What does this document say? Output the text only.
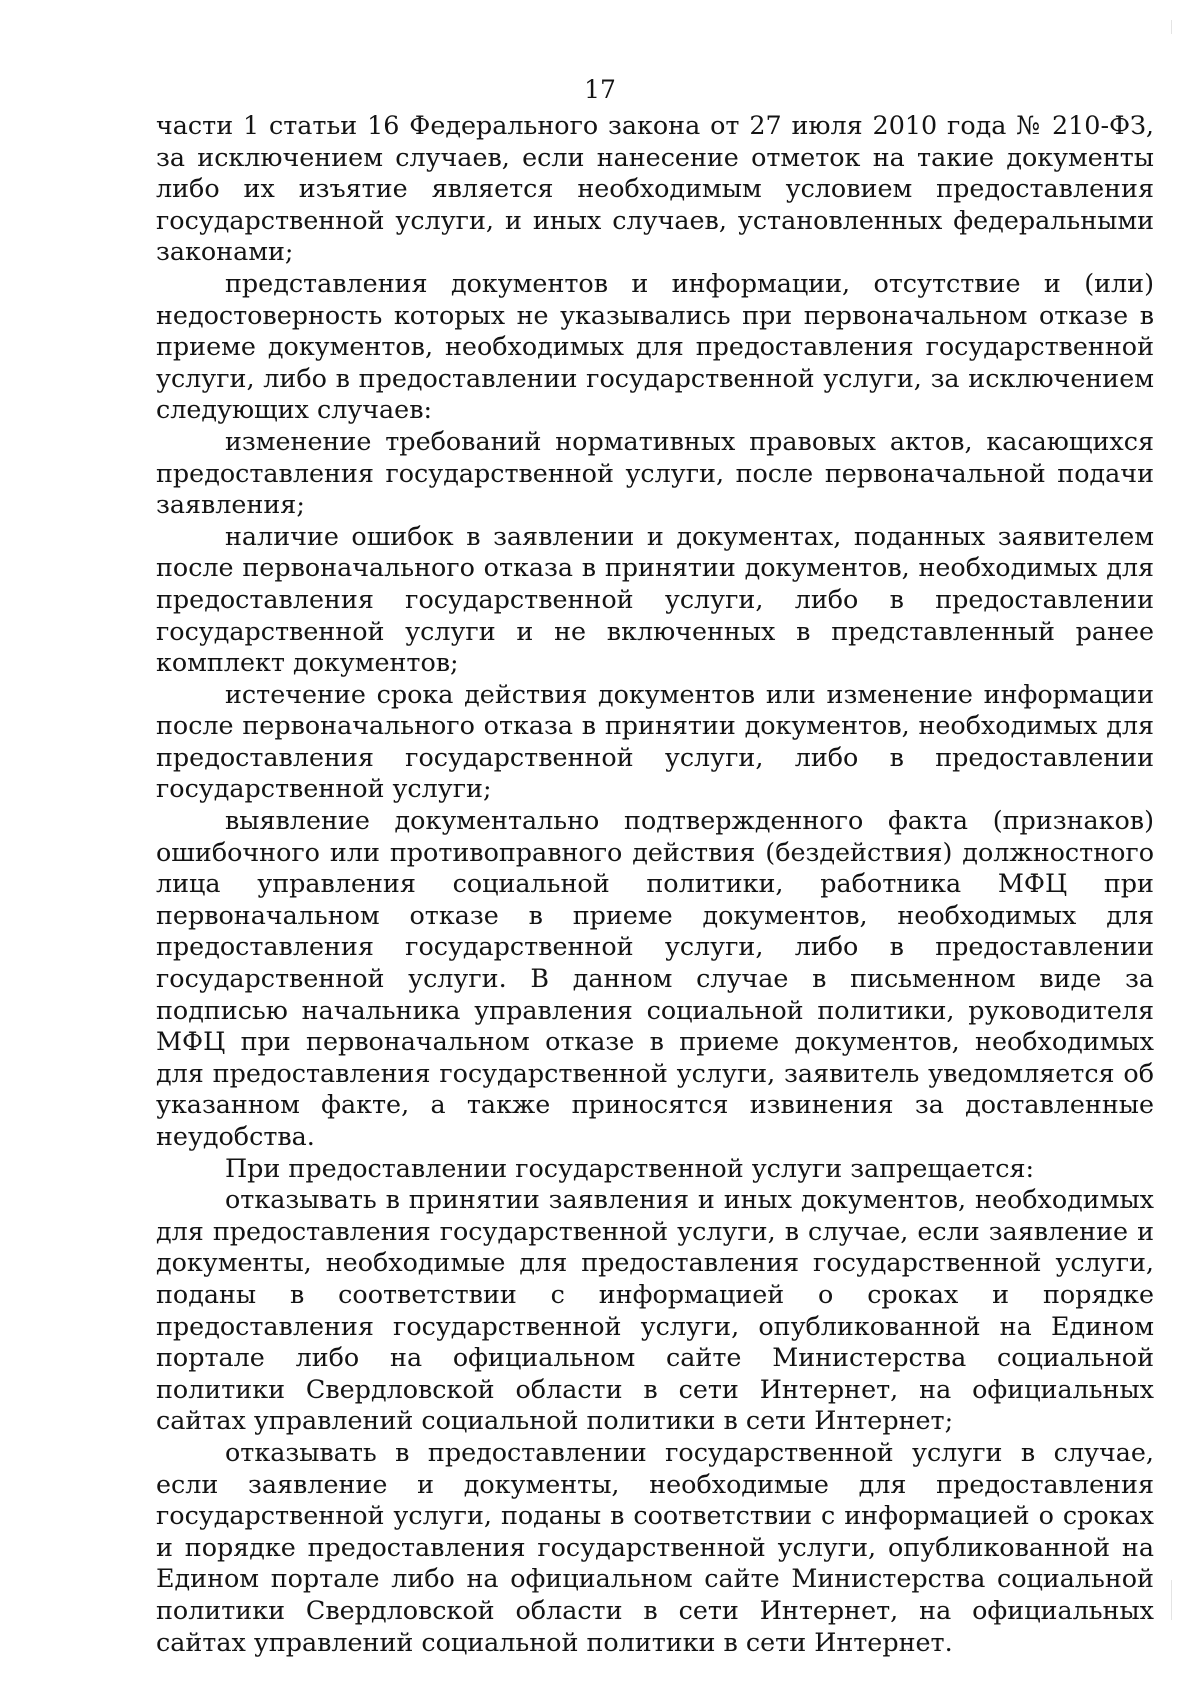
17

части 1 статьи 16 Федерального закона от 27 июля 2010 года № 210-ФЗ, за исключением случаев, если нанесение отметок на такие документы либо их изъятие является необходимым условием предоставления государственной услуги, и иных случаев, установленных федеральными законами;

представления документов и информации, отсутствие и (или) недостоверность которых не указывались при первоначальном отказе в приеме документов, необходимых для предоставления государственной услуги, либо в предоставлении государственной услуги, за исключением следующих случаев:

изменение требований нормативных правовых актов, касающихся предоставления государственной услуги, после первоначальной подачи заявления;

наличие ошибок в заявлении и документах, поданных заявителем после первоначального отказа в принятии документов, необходимых для предоставления государственной услуги, либо в предоставлении государственной услуги и не включенных в представленный ранее комплект документов;

истечение срока действия документов или изменение информации после первоначального отказа в принятии документов, необходимых для предоставления государственной услуги, либо в предоставлении государственной услуги;

выявление документально подтвержденного факта (признаков) ошибочного или противоправного действия (бездействия) должностного лица управления социальной политики, работника МФЦ при первоначальном отказе в приеме документов, необходимых для предоставления государственной услуги, либо в предоставлении государственной услуги. В данном случае в письменном виде за подписью начальника управления социальной политики, руководителя МФЦ при первоначальном отказе в приеме документов, необходимых для предоставления государственной услуги, заявитель уведомляется об указанном факте, а также приносятся извинения за доставленные неудобства.

При предоставлении государственной услуги запрещается:

отказывать в принятии заявления и иных документов, необходимых для предоставления государственной услуги, в случае, если заявление и документы, необходимые для предоставления государственной услуги, поданы в соответствии с информацией о сроках и порядке предоставления государственной услуги, опубликованной на Едином портале либо на официальном сайте Министерства социальной политики Свердловской области в сети Интернет, на официальных сайтах управлений социальной политики в сети Интернет;

отказывать в предоставлении государственной услуги в случае, если заявление и документы, необходимые для предоставления государственной услуги, поданы в соответствии с информацией о сроках и порядке предоставления государственной услуги, опубликованной на Едином портале либо на официальном сайте Министерства социальной политики Свердловской области в сети Интернет, на официальных сайтах управлений социальной политики в сети Интернет.
